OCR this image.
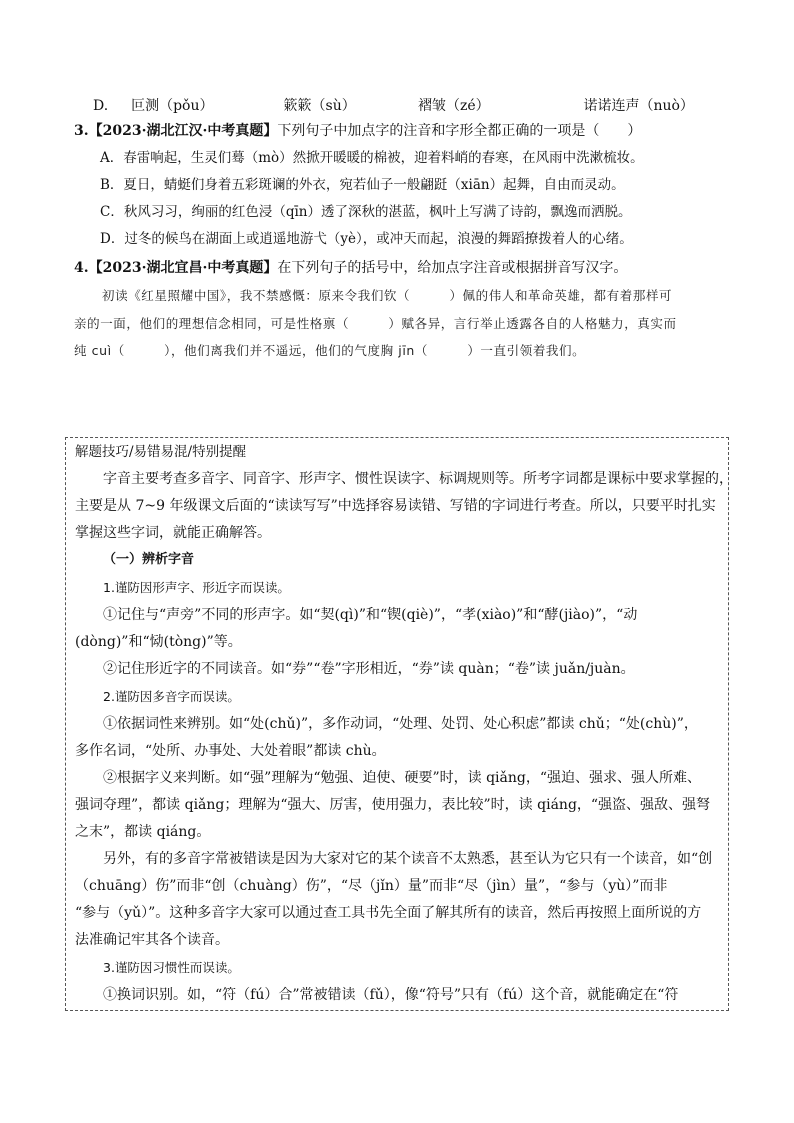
D. 叵测（pǒu）	簌簌（sù）	褶皱（zé）	诺诺连声（nuò）
3.【2023·湖北江汉·中考真题】下列句子中加点字的注音和字形全都正确的一项是（　　）
A．春雷响起，生灵们蓦（mò）然掀开暖暖的棉被，迎着料峭的春寒，在风雨中洗漱梳妆。
B．夏日，蜻蜓们身着五彩斑谰的外衣，宛若仙子一般翩跹（xiān）起舞，自由而灵动。
C．秋风习习，绚丽的红色浸（qīn）透了深秋的湛蓝，枫叶上写满了诗韵，飘逸而洒脱。
D．过冬的候鸟在湖面上或逍遥地游弋（yè），或冲天而起，浪漫的舞蹈撩拨着人的心绪。
4.【2023·湖北宜昌·中考真题】在下列句子的括号中，给加点字注音或根据拼音写汉字。
初读《红星照耀中国》，我不禁感慨：原来令我们钦（　　　）佩的伟人和革命英雄，都有着那样可
亲的一面，他们的理想信念相同，可是性格禀（　　　）赋各异，言行举止透露各自的人格魅力，真实而
纯 cuì（　　　），他们离我们并不遥远，他们的气度胸 jīn（　　　）一直引领着我们。
解题技巧/易错易混/特别提醒
字音主要考查多音字、同音字、形声字、惯性误读字、标调规则等。所考字词都是课标中要求掌握的，
主要是从 7~9 年级课文后面的“读读写写”中选择容易读错、写错的字词进行考查。所以，只要平时扎实
掌握这些字词，就能正确解答。
（一）辨析字音
1.谨防因形声字、形近字而误读。
①记住与“声旁”不同的形声字。如“契(qì)”和“锲(qiè)”，“孝(xiào)”和“酵(jiào)”，“动
(dòng)”和“恸(tòng)”等。
②记住形近字的不同读音。如“券”“卷”字形相近，“券”读 quàn；“卷”读 juǎn/juàn。
2.谨防因多音字而误读。
①依据词性来辨别。如“处(chǔ)”，多作动词，“处理、处罚、处心积虑”都读 chǔ；“处(chù)”，
多作名词，“处所、办事处、大处着眼”都读 chù。
②根据字义来判断。如“强”理解为“勉强、迫使、硬要”时，读 qiǎng，“强迫、强求、强人所难、
强词夺理”，都读 qiǎng；理解为“强大、厉害，使用强力，表比较”时，读 qiáng，“强盗、强敌、强弩
之末”，都读 qiáng。
另外，有的多音字常被错读是因为大家对它的某个读音不太熟悉，甚至认为它只有一个读音，如“创
（chuāng）伤”而非“创（chuàng）伤”，“尽（jǐn）量”而非“尽（jìn）量”，“参与（yù）”而非
“参与（yǔ）”。这种多音字大家可以通过查工具书先全面了解其所有的读音，然后再按照上面所说的方
法准确记牢其各个读音。
3.谨防因习惯性而误读。
①换词识别。如，“符（fú）合”常被错读（fǔ），像“符号”只有（fú）这个音，就能确定在“符
